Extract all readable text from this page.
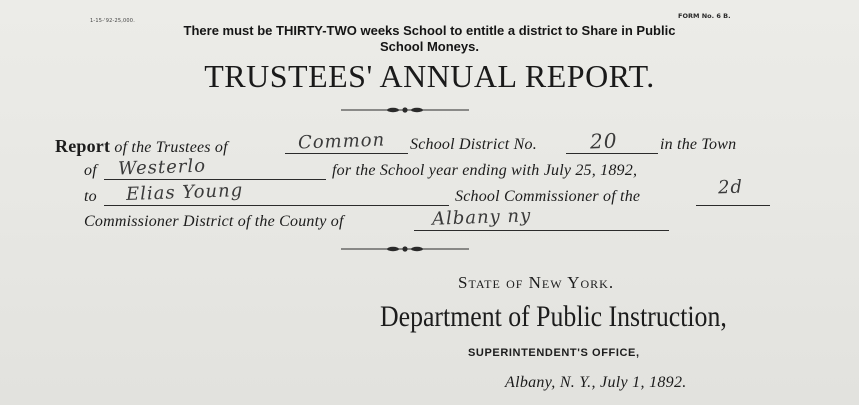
1-15-'92-25,000.
FORM No. 6 B.
There must be THIRTY-TWO weeks School to entitle a district to Share in Public
School Moneys.
TRUSTEES' ANNUAL REPORT.
Report of the Trustees of	Common School District No.	20	in the Town
of Westerlo	for the School year ending with July 25, 1892,
to Elias Young	School Commissioner of the	2d
Commissioner District of the County of	Albany ny
State of New York.
Department of Public Instruction,
SUPERINTENDENT'S OFFICE,
Albany, N. Y., July 1, 1892.
